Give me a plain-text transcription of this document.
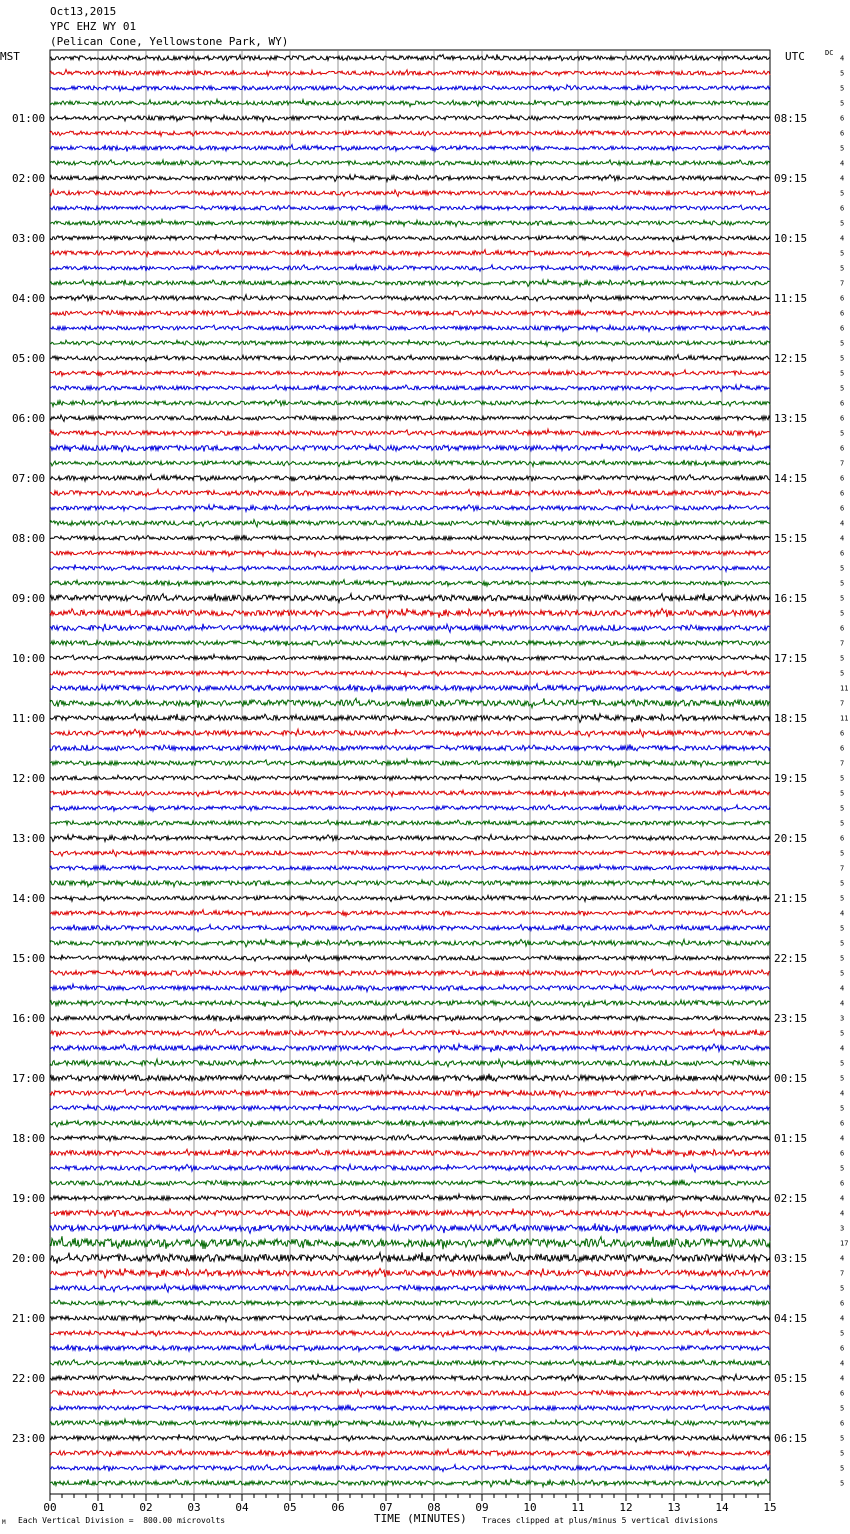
Oct13,2015
YPC EHZ WY 01
(Pelican Cone, Yellowstone Park, WY)
MST	UTC	DC
4
5
5
5
6
6
5
4
4
5
6
5
4
5
5
7
6
6
6
5
5
5
5
6
6
5
6
7
6
6
6
4
4
6
5
5
5
5
6
7
5
5
11
7
11
6
6
7
5
5
5
5
6
5
7
5
5
4
5
5
5
5
4
4
3
5
4
5
5
4
5
6
4
6
5
6
4
4
3
17
4
7
5
6
4
5
6
4
4
6
5
6
5
5
5
5
01:00	08:15
02:00	09:15
03:00	10:15
04:00	11:15
05:00	12:15
06:00	13:15
07:00	14:15
08:00	15:15
09:00	16:15
10:00	17:15
11:00	18:15
12:00	19:15
13:00	20:15
14:00	21:15
15:00	22:15
16:00	23:15
17:00	00:15
18:00	01:15
19:00	02:15
20:00	03:15
21:00	04:15
22:00	05:15
23:00	06:15
00	01	02	03	04	05	06	07	08	09	10	11	12	13	14	15
M Each Vertical Division =  800.00 microvolts	TIME (MINUTES) Traces clipped at plus/minus 5 vertical divisions
